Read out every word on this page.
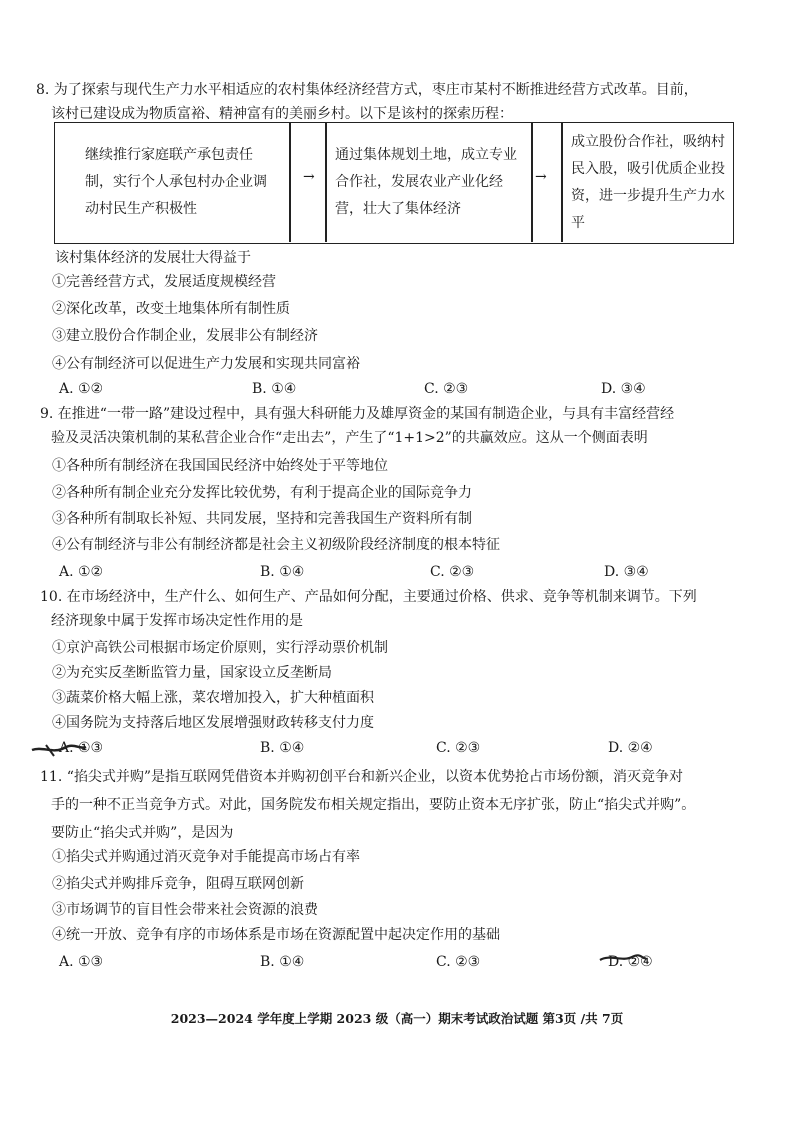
8. 为了探索与现代生产力水平相适应的农村集体经济经营方式，枣庄市某村不断推进经营方式改革。目前，
该村已建设成为物质富裕、精神富有的美丽乡村。以下是该村的探索历程：
继续推行家庭联产承包责任制，实行个人承包村办企业调动村民生产积极性
→
通过集体规划土地，成立专业合作社，发展农业产业化经营，壮大了集体经济
→
成立股份合作社，吸纳村民入股，吸引优质企业投资，进一步提升生产力水平
该村集体经济的发展壮大得益于
①完善经营方式，发展适度规模经营
②深化改革，改变土地集体所有制性质
③建立股份合作制企业，发展非公有制经济
④公有制经济可以促进生产力发展和实现共同富裕
A. ①②	B. ①④	C. ②③	D. ③④
9. 在推进“一带一路”建设过程中，具有强大科研能力及雄厚资金的某国有制造企业，与具有丰富经营经
验及灵活决策机制的某私营企业合作“走出去”，产生了“1+1>2”的共赢效应。这从一个侧面表明
①各种所有制经济在我国国民经济中始终处于平等地位
②各种所有制企业充分发挥比较优势，有利于提高企业的国际竞争力
③各种所有制取长补短、共同发展，坚持和完善我国生产资料所有制
④公有制经济与非公有制经济都是社会主义初级阶段经济制度的根本特征
A. ①②	B. ①④	C. ②③	D. ③④
10. 在市场经济中，生产什么、如何生产、产品如何分配，主要通过价格、供求、竞争等机制来调节。下列
经济现象中属于发挥市场决定性作用的是
①京沪高铁公司根据市场定价原则，实行浮动票价机制
②为充实反垄断监管力量，国家设立反垄断局
③蔬菜价格大幅上涨，菜农增加投入，扩大种植面积
④国务院为支持落后地区发展增强财政转移支付力度
A. ①③	B. ①④	C. ②③	D. ②④
11. “掐尖式并购”是指互联网凭借资本并购初创平台和新兴企业，以资本优势抢占市场份额，消灭竞争对
手的一种不正当竞争方式。对此，国务院发布相关规定指出，要防止资本无序扩张，防止“掐尖式并购”。
要防止“掐尖式并购”，是因为
①掐尖式并购通过消灭竞争对手能提高市场占有率
②掐尖式并购排斥竞争，阻碍互联网创新
③市场调节的盲目性会带来社会资源的浪费
④统一开放、竞争有序的市场体系是市场在资源配置中起决定作用的基础
A. ①③	B. ①④	C. ②③	D. ②④
2023—2024 学年度上学期 2023 级（高一）期末考试政治试题 第3页 /共 7页
